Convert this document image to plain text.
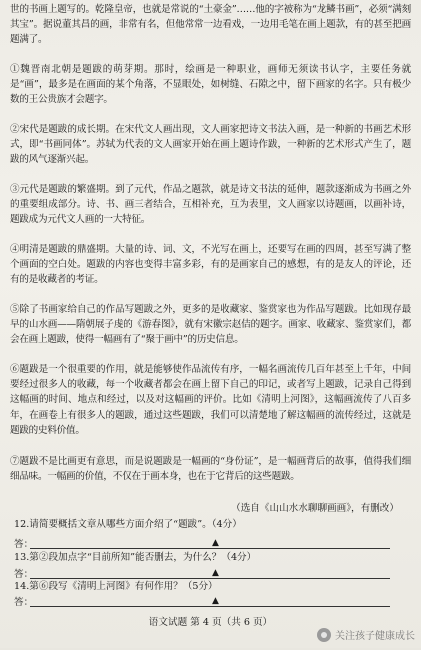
世的书画上题写的。乾隆皇帝，也就是常说的“土豪金”……他的字被称为“龙鳞书画”，必须“满刻其宝”。据说董其昌的画，非常有名，但他常常一边看戏，一边用毛笔在画上题款，有的甚至把画题满了。
①魏晋南北朝是题跋的萌芽期。那时，绘画是一种职业，画师无须读书认字，主要任务就是“画”，最多是在画面的某个角落，不显眼处，如树缝、石隙之中，留下画家的名字。只有极少数的王公贵族才会题字。
②宋代是题跋的成长期。在宋代文人画出现，文人画家把诗文书法入画，是一种新的书画艺术形式，即“书画同体”。苏轼为代表的文人画家开始在画上题诗作跋，一种新的艺术形式产生了，题跋的风气逐渐兴起。
③元代是题跋的繁盛期。到了元代，作品之题款，就是诗文书法的延伸，题款逐渐成为书画之外的重要组成部分。诗、书、画三者结合，互相补充，互为表里，文人画家以诗题画，以画补诗，题跋成为元代文人画的一大特征。
④明清是题跋的鼎盛期。大量的诗、词、文，不光写在画上，还要写在画的四周，甚至写满了整个画面的空白处。题跋的内容也变得丰富多彩，有的是画家自己的感想，有的是友人的评论，还有的是收藏者的考证。
⑤除了书画家给自己的作品写题跋之外，更多的是收藏家、鉴赏家也为作品写题跋。比如现存最早的山水画——隋朝展子虔的《游春图》，就有宋徽宗赵佶的题字。画家、收藏家、鉴赏家们，都会在画上题跋，使得一幅画有了“聚于画中”的历史信息。
⑥题跋是一个很重要的作用，就是能够使作品流传有序，一幅名画流传几百年甚至上千年，中间要经过很多人的收藏，每一个收藏者都会在画上留下自己的印记，或者写上题跋，记录自己得到这幅画的时间、地点和经过，以及对这幅画的评价。比如《清明上河图》，这幅画流传了八百多年，在画卷上有很多人的题跋，通过这些题跋，我们可以清楚地了解这幅画的流传经过，这就是题跋的史料价值。
⑦题跋不是比画更有意思，而是说题跋是一幅画的“身份证”，是一幅画背后的故事，值得我们细细品味。一幅画的价值，不仅在于画本身，也在于它背后的这些题跋。
（选自《山山水水聊聊画画》，有删改）
12.请简要概括文章从哪些方面介绍了“题跋”。（4分）
答：	▲
13.第②段加点字“目前所知”能否删去，为什么？（4分）
答：	▲
14.第⑥段写《清明上河图》有何作用？（5分）
答：	▲
语文试题 第 4 页（共 6 页）
关注孩子健康成长
